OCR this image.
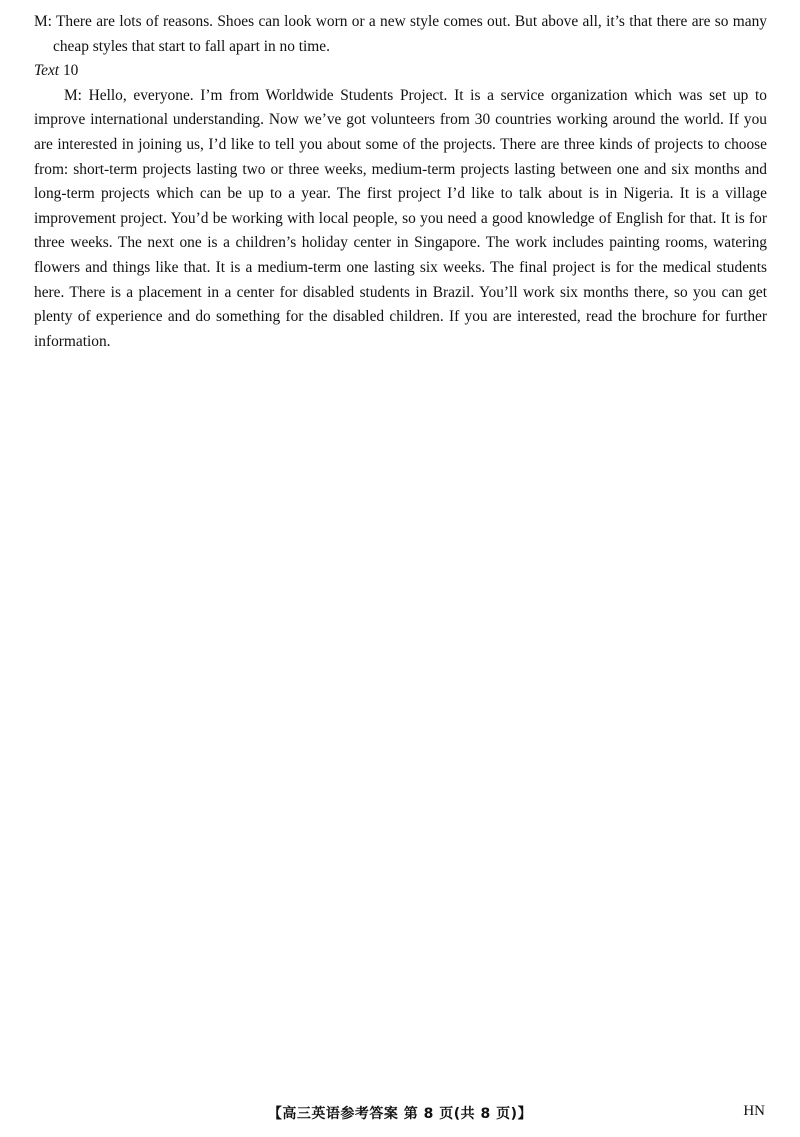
M: There are lots of reasons. Shoes can look worn or a new style comes out. But above all, it’s that there are so many cheap styles that start to fall apart in no time.

Text 10

M: Hello, everyone. I’m from Worldwide Students Project. It is a service organization which was set up to improve international understanding. Now we’ve got volunteers from 30 countries working around the world. If you are interested in joining us, I’d like to tell you about some of the projects. There are three kinds of projects to choose from: short-term projects lasting two or three weeks, medium-term projects lasting between one and six months and long-term projects which can be up to a year. The first project I’d like to talk about is in Nigeria. It is a village improvement project. You’d be working with local people, so you need a good knowledge of English for that. It is for three weeks. The next one is a children’s holiday center in Singapore. The work includes painting rooms, watering flowers and things like that. It is a medium-term one lasting six weeks. The final project is for the medical students here. There is a placement in a center for disabled students in Brazil. You’ll work six months there, so you can get plenty of experience and do something for the disabled children. If you are interested, read the brochure for further information.

【高三英语参考答案 第 8 页(共 8 页)】	HN
